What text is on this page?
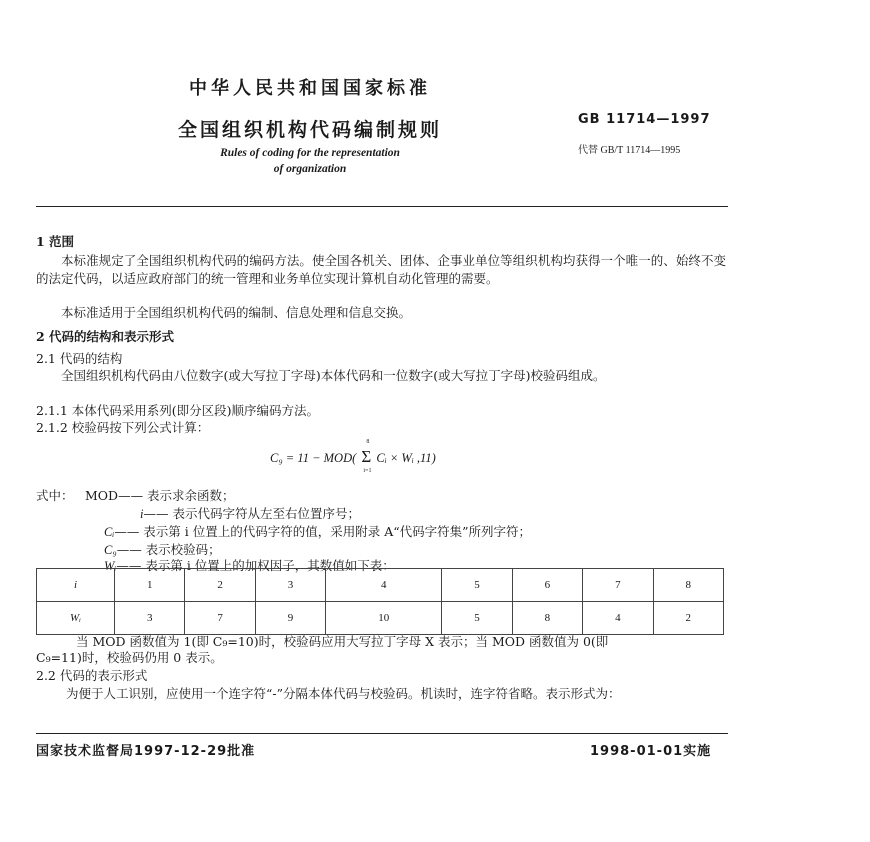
中华人民共和国国家标准
全国组织机构代码编制规则
Rules of coding for the representation
of organization
GB 11714—1997
代替 GB/T 11714—1995
1 范围
本标准规定了全国组织机构代码的编码方法。使全国各机关、团体、企事业单位等组织机构均获得一个唯一的、始终不变的法定代码，以适应政府部门的统一管理和业务单位实现计算机自动化管理的需要。
本标准适用于全国组织机构代码的编制、信息处理和信息交换。
2 代码的结构和表示形式
2.1 代码的结构
全国组织机构代码由八位数字(或大写拉丁字母)本体代码和一位数字(或大写拉丁字母)校验码组成。
2.1.1 本体代码采用系列(即分区段)顺序编码方法。
2.1.2 校验码按下列公式计算：
C₉ = 11 − MOD( Σ
8
i=1
Cᵢ × Wᵢ ,11)
式中： MOD—— 表示求余函数；
i—— 表示代码字符从左至右位置序号；
Cᵢ—— 表示第 i 位置上的代码字符的值，采用附录 A“代码字符集”所列字符；
C₉—— 表示校验码；
Wᵢ—— 表示第 i 位置上的加权因子，其数值如下表：
i	1	2	3	4	5	6	7	8
Wᵢ	3	7	9	10	5	8	4	2
当 MOD 函数值为 1(即 C₉=10)时，校验码应用大写拉丁字母 X 表示；当 MOD 函数值为 0(即
C₉=11)时，校验码仍用 0 表示。
2.2 代码的表示形式
为便于人工识别，应使用一个连字符“-”分隔本体代码与校验码。机读时，连字符省略。表示形式为：
国家技术监督局1997-12-29批准	1998-01-01实施
